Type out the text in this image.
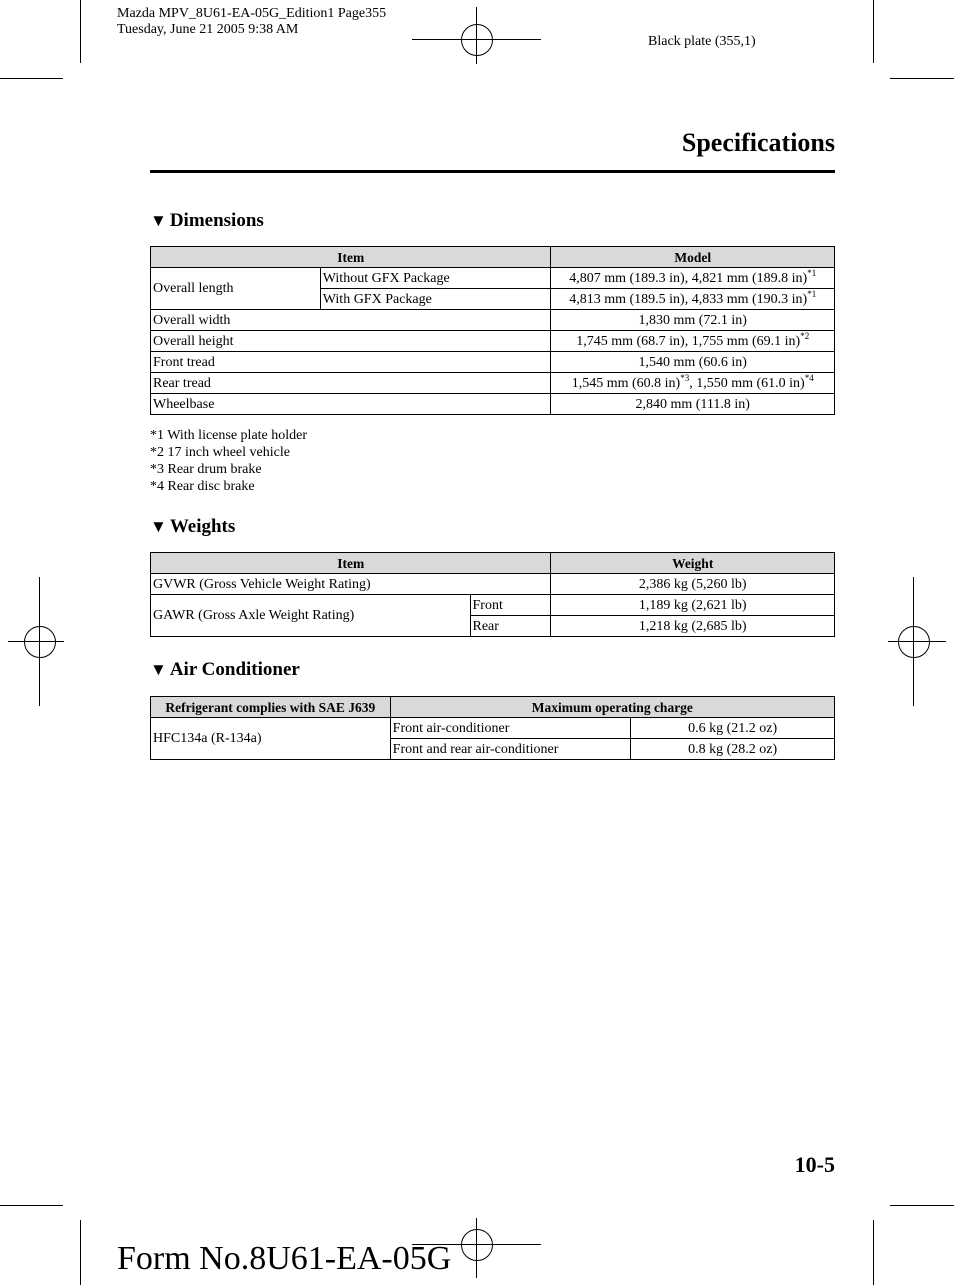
Mazda MPV_8U61-EA-05G_Edition1 Page355
Tuesday, June 21 2005 9:38 AM
Black plate (355,1)
Specifications
▼ Dimensions
Item		Model
Overall length	Without GFX Package	4,807 mm (189.3 in), 4,821 mm (189.8 in)$^{*1}$
	With GFX Package	4,813 mm (189.5 in), 4,833 mm (190.3 in)$^{*1}$
Overall width		1,830 mm (72.1 in)
Overall height		1,745 mm (68.7 in), 1,755 mm (69.1 in)$^{*2}$
Front tread		1,540 mm (60.6 in)
Rear tread		1,545 mm (60.8 in)$^{*3}$, 1,550 mm (61.0 in)$^{*4}$
Wheelbase		2,840 mm (111.8 in)
*1 With license plate holder
*2 17 inch wheel vehicle
*3 Rear drum brake
*4 Rear disc brake
▼ Weights
Item		Weight
GVWR (Gross Vehicle Weight Rating)		2,386 kg (5,260 lb)
GAWR (Gross Axle Weight Rating)	Front	1,189 kg (2,621 lb)
	Rear	1,218 kg (2,685 lb)
▼ Air Conditioner
Refrigerant complies with SAE J639	Maximum operating charge	
HFC134a (R-134a)	Front air-conditioner	0.6 kg (21.2 oz)
	Front and rear air-conditioner	0.8 kg (28.2 oz)
10-5
Form No.8U61-EA-05G
